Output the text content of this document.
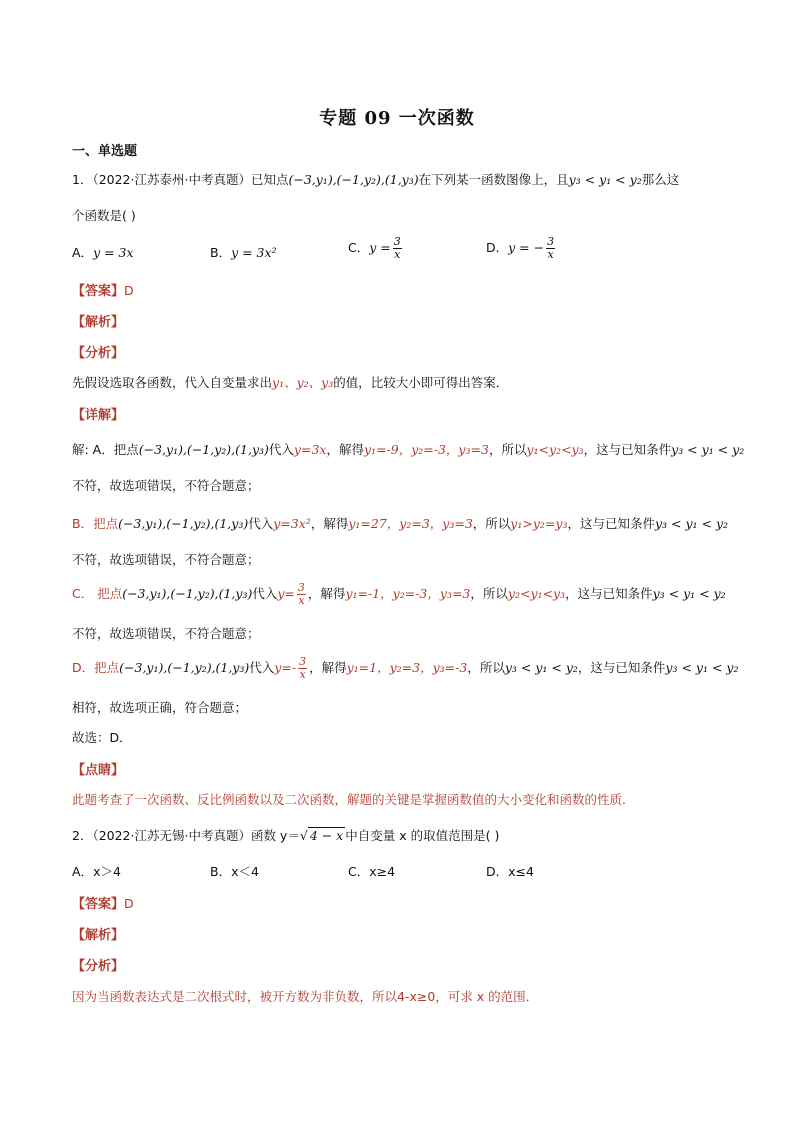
专题 09 一次函数
一、单选题
1．（2022·江苏泰州·中考真题）已知点(−3,y₁),(−1,y₂),(1,y₃)在下列某一函数图像上，且y₃ < y₁ < y₂那么这
个函数是( )
A．y = 3x	B．y = 3x²	C．$y = \frac{3}{x}$	D．y = − $\frac{3}{x}$
【答案】D
【解析】
【分析】
先假设选取各函数，代入自变量求出y₁、y₂、y₃的值，比较大小即可得出答案．
【详解】
解: A．把点(−3,y₁),(−1,y₂),(1,y₃)代入y=3x，解得y₁=-9，y₂=-3，y₃=3，所以y₁<y₂<y₃，这与已知条件y₃ < y₁ < y₂
不符，故选项错误，不符合题意；
B．把点(−3,y₁),(−1,y₂),(1,y₃)代入y=3x²，解得y₁=27，y₂=3，y₃=3，所以y₁>y₂=y₃，这与已知条件y₃ < y₁ < y₂
不符，故选项错误，不符合题意；
C． 把点(−3,y₁),(−1,y₂),(1,y₃)代入$y= \frac{3}{x}$ ，解得y₁=-1，y₂=-3，y₃=3，所以y₂<y₁<y₃，这与已知条件y₃ < y₁ < y₂
不符，故选项错误，不符合题意；
D．把点(−3,y₁),(−1,y₂),(1,y₃)代入$y=- \frac{3}{x}$ ，解得y₁=1，y₂=3，y₃=-3，所以y₃ < y₁ < y₂，这与已知条件y₃ < y₁ < y₂
相符，故选项正确，符合题意；
故选：D．
【点睛】
此题考查了一次函数、反比例函数以及二次函数，解题的关键是掌握函数值的大小变化和函数的性质．
2．（2022·江苏无锡·中考真题）函数 y＝√ 4 − x 中自变量 x 的取值范围是( )
A．x＞4	B．x＜4	C．x≥4	D．x≤4
【答案】D
【解析】
【分析】
因为当函数表达式是二次根式时，被开方数为非负数，所以4-x≥0，可求 x 的范围．
